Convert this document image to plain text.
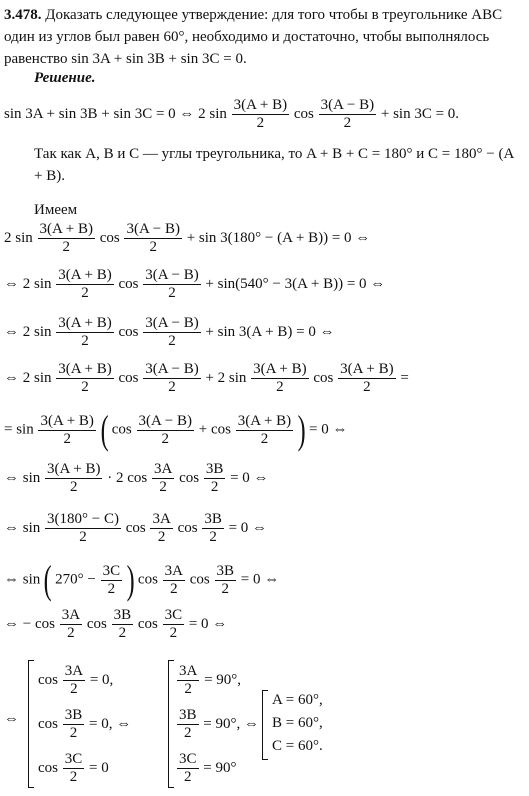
3.478. Доказать следующее утверждение: для того чтобы в треугольнике ABC один из углов был равен 60°, необходимо и достаточно, чтобы выполнялось равенство sin 3A + sin 3B + sin 3C = 0.
Решение.
sin 3A + sin 3B + sin 3C = 0 ⇔ 2 $\sin \frac{3(A + B)}{2}$ $\cos \frac{3(A - B)}{2} + \sin 3C = 0$.
Так как A, B и C — углы треугольника, то A + B + C = 180° и C = 180° − (A + B).
Имеем
2 $\sin \frac{3(A + B)}{2}$ $\cos \frac{3(A - B)}{2} + \sin 3(180^\circ - (A + B)) = 0$ ⇔
⇔ 2 $\sin \frac{3(A + B)}{2}$ $\cos \frac{3(A - B)}{2} + \sin(540^\circ - 3(A + B)) = 0$ ⇔
⇔ 2 $\sin \frac{3(A + B)}{2}$ $\cos \frac{3(A - B)}{2} + \sin 3(A + B) = 0$ ⇔
⇔ 2 $\sin \frac{3(A + B)}{2}$ $\cos \frac{3(A - B)}{2} + 2$ $\sin \frac{3(A + B)}{2}$ $\cos \frac{3(A + B)}{2}$ =
= $\sin \frac{3(A + B)}{2}$ ( $\cos \frac{3(A - B)}{2} + \cos \frac{3(A + B)}{2}$ ) = 0 ⇔
⇔ $\sin \frac{3(A + B)}{2} \cdot 2$ $\cos \frac{3A}{2}$ $\cos \frac{3B}{2} = 0$ ⇔
⇔ $\sin \frac{3(180^\circ - C)}{2}$ $\cos \frac{3A}{2}$ $\cos \frac{3B}{2} = 0$ ⇔
⇔ sin ( $270^\circ - \frac{3C}{2}$ ) $\cos \frac{3A}{2}$ $\cos \frac{3B}{2} = 0$ ⇔
⇔ − $\cos \frac{3A}{2}$ $\cos \frac{3B}{2}$ $\cos \frac{3C}{2} = 0$ ⇔
⇔
$\cos \frac{3A}{2} = 0$,
$\cos \frac{3B}{2} = 0$, ⇔
$\cos \frac{3C}{2} = 0$
$\frac{3A}{2} = 90^\circ$,
$\frac{3B}{2} = 90^\circ$, ⇔
$\frac{3C}{2} = 90^\circ$
A = 60°,
B = 60°,
C = 60°.
